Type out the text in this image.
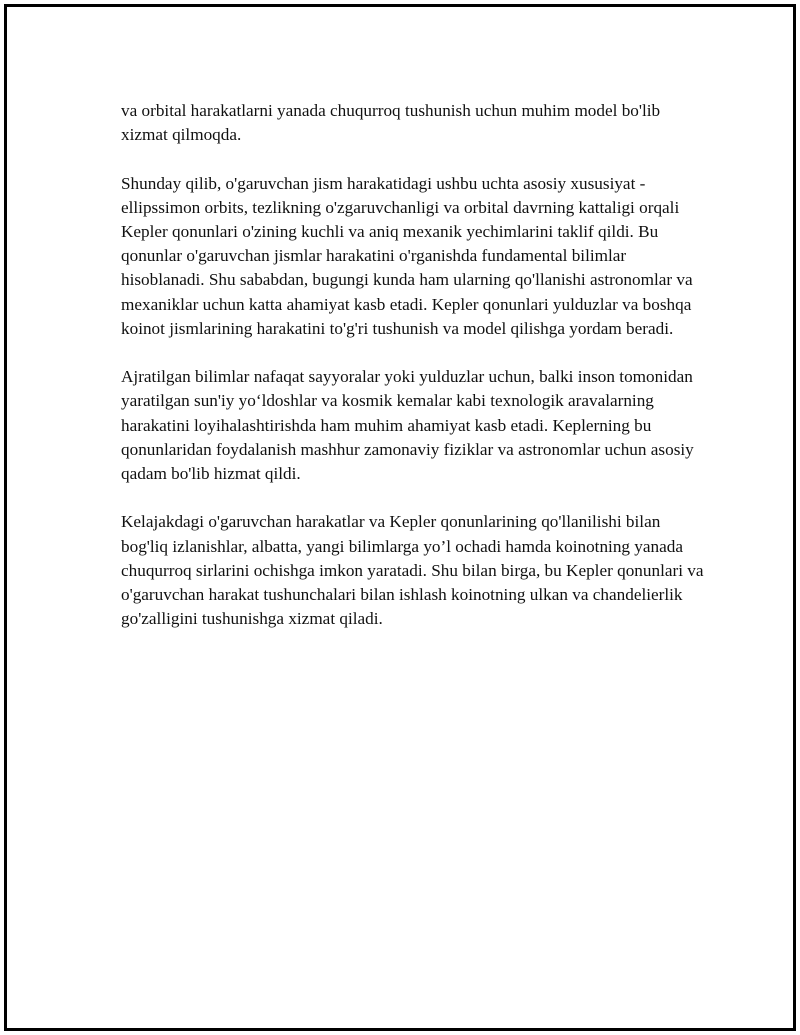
va orbital harakatlarni yanada chuqurroq tushunish uchun muhim model bo'lib xizmat qilmoqda.

Shunday qilib, o'garuvchan jism harakatidagi ushbu uchta asosiy xususiyat - ellipssimon orbits, tezlikning o'zgaruvchanligi va orbital davrning kattaligi orqali Kepler qonunlari o'zining kuchli va aniq mexanik yechimlarini taklif qildi. Bu qonunlar o'garuvchan jismlar harakatini o'rganishda fundamental bilimlar hisoblanadi. Shu sababdan, bugungi kunda ham ularning qo'llanishi astronomlar va mexaniklar uchun katta ahamiyat kasb etadi. Kepler qonunlari yulduzlar va boshqa koinot jismlarining harakatini to'g'ri tushunish va model qilishga yordam beradi.

Ajratilgan bilimlar nafaqat sayyoralar yoki yulduzlar uchun, balki inson tomonidan yaratilgan sun'iy yo‘ldoshlar va kosmik kemalar kabi texnologik aravalarning harakatini loyihalashtirishda ham muhim ahamiyat kasb etadi. Keplerning bu qonunlaridan foydalanish mashhur zamonaviy fiziklar va astronomlar uchun asosiy qadam bo'lib hizmat qildi.

Kelajakdagi o'garuvchan harakatlar va Kepler qonunlarining qo'llanilishi bilan bog'liq izlanishlar, albatta, yangi bilimlarga yo’l ochadi hamda koinotning yanada chuqurroq sirlarini ochishga imkon yaratadi. Shu bilan birga, bu Kepler qonunlari va o'garuvchan harakat tushunchalari bilan ishlash koinotning ulkan va chandelierlik go'zalligini tushunishga xizmat qiladi.
